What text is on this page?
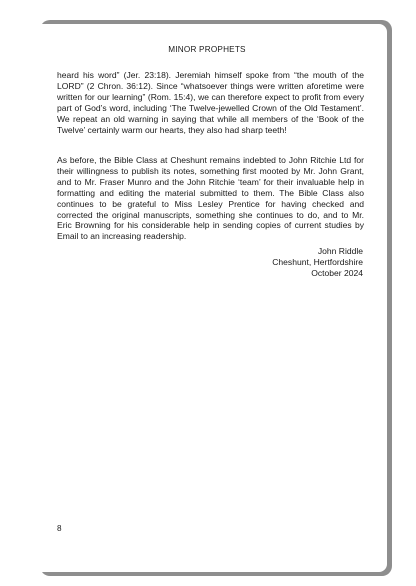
MINOR PROPHETS

heard his word” (Jer. 23:18). Jeremiah himself spoke from “the mouth of the LORD” (2 Chron. 36:12). Since “whatsoever things were written aforetime were written for our learning” (Rom. 15:4), we can therefore expect to profit from every part of God’s word, including ‘The Twelve-jewelled Crown of the Old Testament’. We repeat an old warning in saying that while all members of the ‘Book of the Twelve’ certainly warm our hearts, they also had sharp teeth!

As before, the Bible Class at Cheshunt remains indebted to John Ritchie Ltd for their willingness to publish its notes, something first mooted by Mr. John Grant, and to Mr. Fraser Munro and the John Ritchie ‘team’ for their invaluable help in formatting and editing the material submitted to them. The Bible Class also continues to be grateful to Miss Lesley Prentice for having checked and corrected the original manuscripts, something she continues to do, and to Mr. Eric Browning for his considerable help in sending copies of current studies by Email to an increasing readership.

John Riddle
Cheshunt, Hertfordshire
October 2024
8
